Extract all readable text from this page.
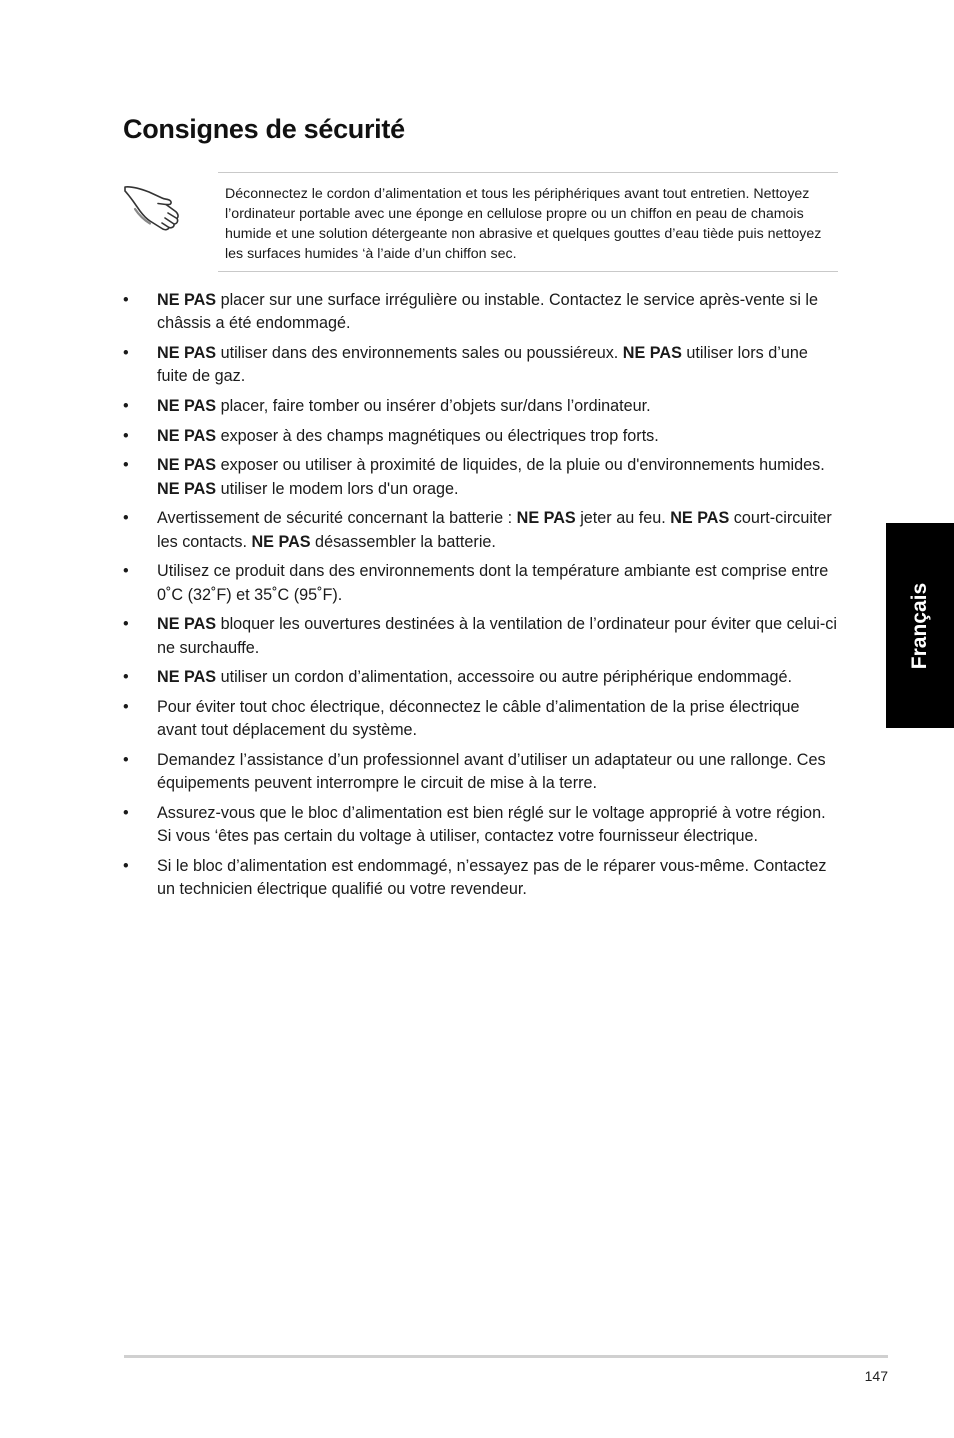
Consignes de sécurité
Déconnectez le cordon d’alimentation et tous les périphériques avant tout entretien. Nettoyez l’ordinateur portable avec une éponge en cellulose propre ou un chiffon en peau de chamois humide et une solution détergeante non abrasive et quelques gouttes d’eau tiède puis nettoyez les surfaces humides ‘à l’aide d’un chiffon sec.
• NE PAS placer sur une surface irrégulière ou instable. Contactez le service après-vente si le châssis a été endommagé.
• NE PAS utiliser dans des environnements sales ou poussiéreux. NE PAS utiliser lors d’une fuite de gaz.
• NE PAS placer, faire tomber ou insérer d’objets sur/dans l’ordinateur.
• NE PAS exposer à des champs magnétiques ou électriques trop forts.
• NE PAS exposer ou utiliser à proximité de liquides, de la pluie ou d'environnements humides. NE PAS utiliser le modem lors d'un orage.
• Avertissement de sécurité concernant la batterie : NE PAS jeter au feu. NE PAS court-circuiter les contacts. NE PAS désassembler la batterie.
• Utilisez ce produit dans des environnements dont la température ambiante est comprise entre 0˚C (32˚F) et 35˚C (95˚F).
• NE PAS bloquer les ouvertures destinées à la ventilation de l’ordinateur pour éviter que celui-ci ne surchauffe.
• NE PAS utiliser un cordon d’alimentation, accessoire ou autre périphérique endommagé.
• Pour éviter tout choc électrique, déconnectez le câble d’alimentation de la prise électrique avant tout déplacement du système.
• Demandez l’assistance d’un professionnel avant d’utiliser un adaptateur ou une rallonge. Ces équipements peuvent interrompre le circuit de mise à la terre.
• Assurez-vous que le bloc d’alimentation est bien réglé sur le voltage approprié à votre région. Si vous ‘êtes pas certain du voltage à utiliser, contactez votre fournisseur électrique.
• Si le bloc d’alimentation est endommagé, n’essayez pas de le réparer vous-même. Contactez un technicien électrique qualifié ou votre revendeur.
Français
147
